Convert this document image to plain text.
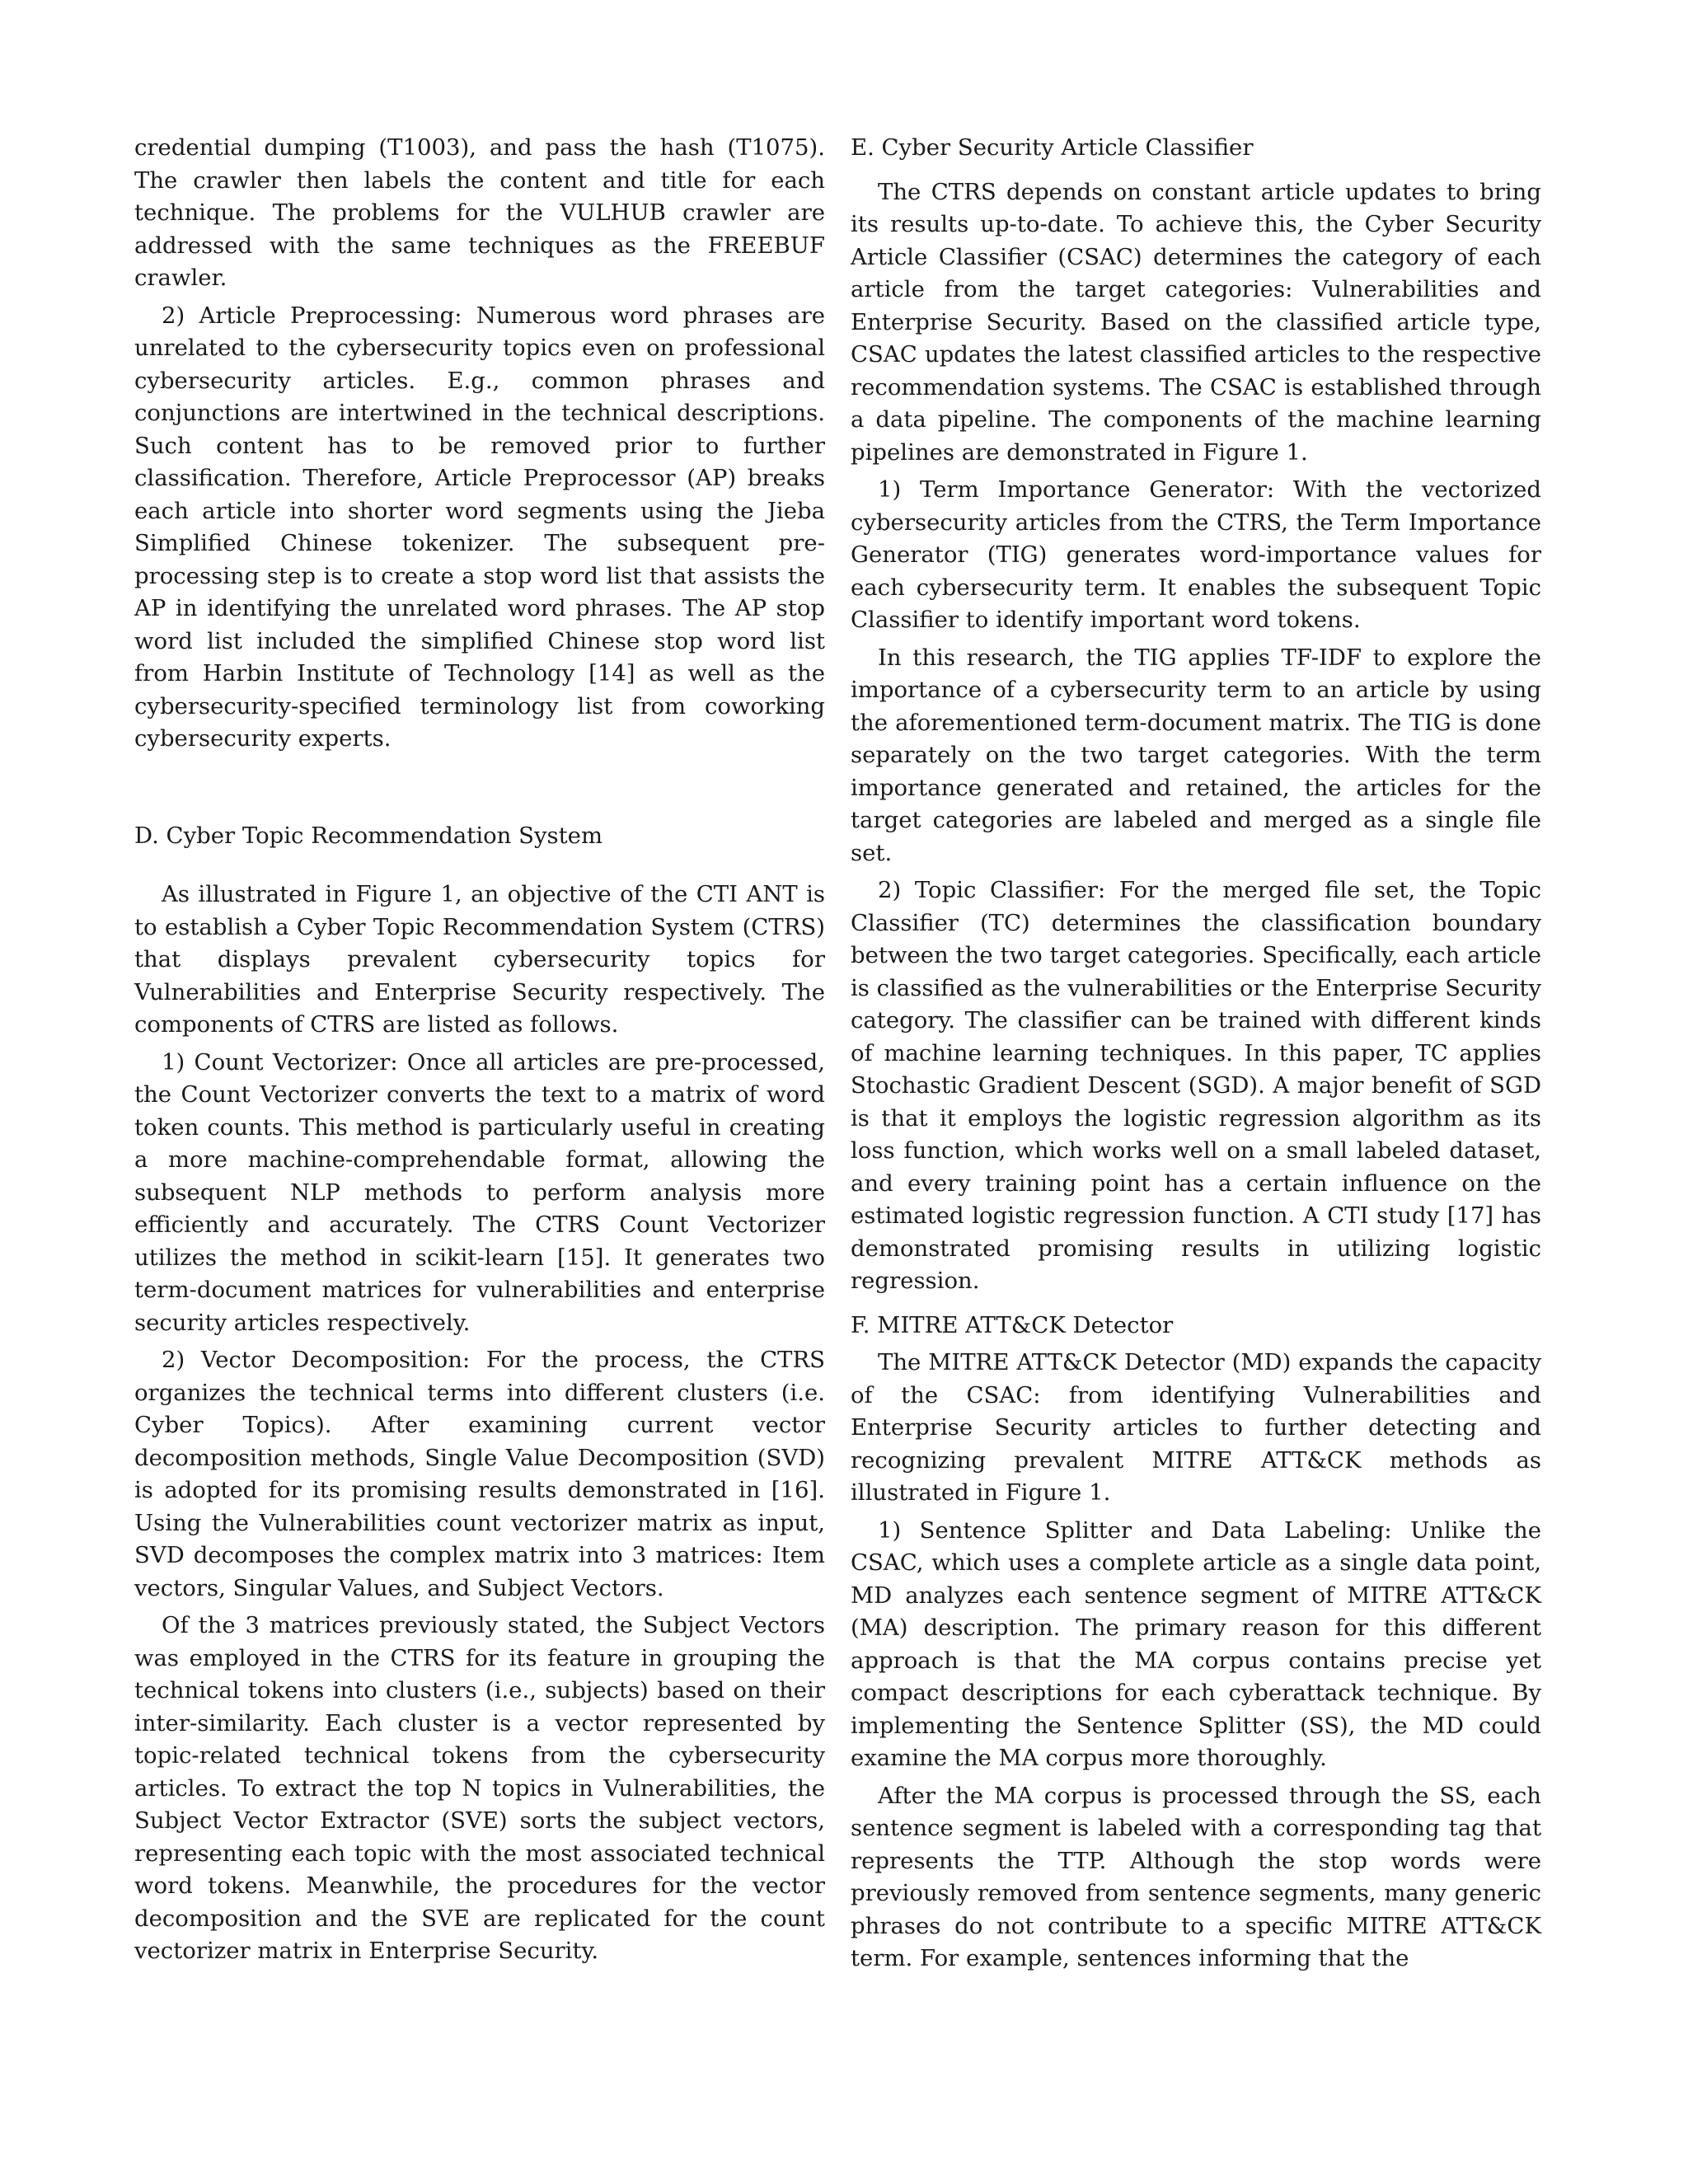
credential dumping (T1003), and pass the hash (T1075). The crawler then labels the content and title for each technique. The problems for the VULHUB crawler are addressed with the same techniques as the FREEBUF crawler.

2) Article Preprocessing: Numerous word phrases are unrelated to the cybersecurity topics even on professional cybersecurity articles. E.g., common phrases and conjunctions are intertwined in the technical descriptions. Such content has to be removed prior to further classification. Therefore, Article Preprocessor (AP) breaks each article into shorter word segments using the Jieba Simplified Chinese tokenizer. The subsequent pre-processing step is to create a stop word list that assists the AP in identifying the unrelated word phrases. The AP stop word list included the simplified Chinese stop word list from Harbin Institute of Technology [14] as well as the cybersecurity-specified terminology list from coworking cybersecurity experts.

D. Cyber Topic Recommendation System

As illustrated in Figure 1, an objective of the CTI ANT is to establish a Cyber Topic Recommendation System (CTRS) that displays prevalent cybersecurity topics for Vulnerabilities and Enterprise Security respectively. The components of CTRS are listed as follows.

1) Count Vectorizer: Once all articles are pre-processed, the Count Vectorizer converts the text to a matrix of word token counts. This method is particularly useful in creating a more machine-comprehendable format, allowing the subsequent NLP methods to perform analysis more efficiently and accurately. The CTRS Count Vectorizer utilizes the method in scikit-learn [15]. It generates two term-document matrices for vulnerabilities and enterprise security articles respectively.

2) Vector Decomposition: For the process, the CTRS organizes the technical terms into different clusters (i.e. Cyber Topics). After examining current vector decomposition methods, Single Value Decomposition (SVD) is adopted for its promising results demonstrated in [16]. Using the Vulnerabilities count vectorizer matrix as input, SVD decomposes the complex matrix into 3 matrices: Item vectors, Singular Values, and Subject Vectors.

Of the 3 matrices previously stated, the Subject Vectors was employed in the CTRS for its feature in grouping the technical tokens into clusters (i.e., subjects) based on their inter-similarity. Each cluster is a vector represented by topic-related technical tokens from the cybersecurity articles. To extract the top N topics in Vulnerabilities, the Subject Vector Extractor (SVE) sorts the subject vectors, representing each topic with the most associated technical word tokens. Meanwhile, the procedures for the vector decomposition and the SVE are replicated for the count vectorizer matrix in Enterprise Security.

E. Cyber Security Article Classifier

The CTRS depends on constant article updates to bring its results up-to-date. To achieve this, the Cyber Security Article Classifier (CSAC) determines the category of each article from the target categories: Vulnerabilities and Enterprise Security. Based on the classified article type, CSAC updates the latest classified articles to the respective recommendation systems. The CSAC is established through a data pipeline. The components of the machine learning pipelines are demonstrated in Figure 1.

1) Term Importance Generator: With the vectorized cybersecurity articles from the CTRS, the Term Importance Generator (TIG) generates word-importance values for each cybersecurity term. It enables the subsequent Topic Classifier to identify important word tokens.

In this research, the TIG applies TF-IDF to explore the importance of a cybersecurity term to an article by using the aforementioned term-document matrix. The TIG is done separately on the two target categories. With the term importance generated and retained, the articles for the target categories are labeled and merged as a single file set.

2) Topic Classifier: For the merged file set, the Topic Classifier (TC) determines the classification boundary between the two target categories. Specifically, each article is classified as the vulnerabilities or the Enterprise Security category. The classifier can be trained with different kinds of machine learning techniques. In this paper, TC applies Stochastic Gradient Descent (SGD). A major benefit of SGD is that it employs the logistic regression algorithm as its loss function, which works well on a small labeled dataset, and every training point has a certain influence on the estimated logistic regression function. A CTI study [17] has demonstrated promising results in utilizing logistic regression.

F. MITRE ATT&CK Detector

The MITRE ATT&CK Detector (MD) expands the capacity of the CSAC: from identifying Vulnerabilities and Enterprise Security articles to further detecting and recognizing prevalent MITRE ATT&CK methods as illustrated in Figure 1.

1) Sentence Splitter and Data Labeling: Unlike the CSAC, which uses a complete article as a single data point, MD analyzes each sentence segment of MITRE ATT&CK (MA) description. The primary reason for this different approach is that the MA corpus contains precise yet compact descriptions for each cyberattack technique. By implementing the Sentence Splitter (SS), the MD could examine the MA corpus more thoroughly.

After the MA corpus is processed through the SS, each sentence segment is labeled with a corresponding tag that represents the TTP. Although the stop words were previously removed from sentence segments, many generic phrases do not contribute to a specific MITRE ATT&CK term. For example, sentences informing that the
